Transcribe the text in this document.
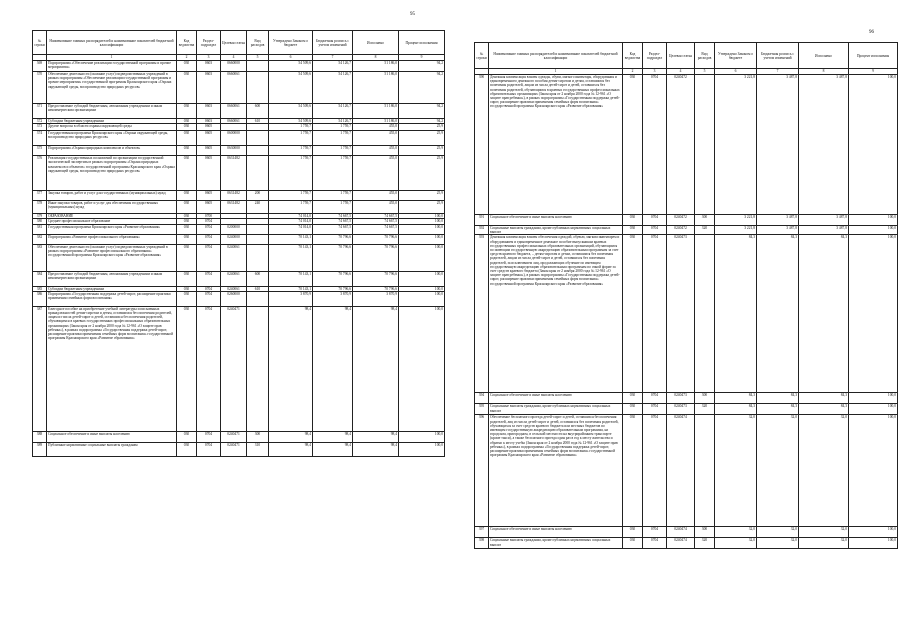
95
№ строки	Наименование главных распорядителей и наименование показателей бюджетной классификации	Код ведомства	Раздел-подраздел	Целевая статья	Вид расходов	Утверждено Законом о бюджете	Бюджетная роспись с учетом изменений	Исполнено	Процент исполнения
	1	2	3	4	5	6	7	8	9
369	Подпрограмма «Обеспечение реализации государственной программы и прочие мероприятия»	030	0603	0660000		54 509,6	54 126,7	51 186,0	94,2
370	Обеспечение деятельности (оказание услуг) подведомственных учреждений в рамках подпрограммы «Обеспечение реализации государственной программы и прочие мероприятия» государственной программы Красноярского края «Охрана окружающей среды, воспроизводство природных ресурсов»	030	0603	0660061		54 509,6	54 126,7	51 186,0	94,2
371	Предоставление субсидий бюджетным, автономным учреждениям и иным некоммерческим организациям	030	0603	0660061	600	54 509,6	54 126,7	51 186,0	94,2
372	Субсидии бюджетным учреждениям	030	0603	0660061	610	54 509,6	54 126,7	51 186,0	94,2
373	Другие вопросы в области охраны окружающей среды	030	0605			1 759,7	1 759,7	455,0	25,9
374	Государственная программа Красноярского края «Охрана окружающей среды, воспроизводство природных ресурсов»	030	0605	0600000		1 759,7	1 759,7	455,0	25,9
375	Подпрограмма «Охрана природных комплексов и объектов»	030	0605	0630000		1 759,7	1 759,7	455,0	25,9
376	Реализация государственных полномочий по организации государственной экологической экспертизы в рамках подпрограммы «Охрана природных комплексов и объектов» государственной программы Красноярского края «Охрана окружающей среды, воспроизводство природных ресурсов»	030	0605	0631482		1 759,7	1 759,7	455,0	25,9
377	Закупка товаров, работ и услуг для государственных (муниципальных) нужд	030	0605	0631482	200	1 759,7	1 759,7	455,0	25,9
378	Иные закупки товаров, работ и услуг для обеспечения государственных (муниципальных) нужд	030	0605	0631482	240	1 759,7	1 759,7	455,0	25,9
379	ОБРАЗОВАНИЕ	030	0700			74 014,0	74 667,5	74 667,5	100,0
380	Среднее профессиональное образование	030	0704			74 014,0	74 667,5	74 667,5	100,0
381	Государственная программа Красноярского края «Развитие образования»	030	0704	0200000		74 014,0	74 667,5	74 667,5	100,0
382	Подпрограмма «Развитие профессионального образования»	030	0704	0240000		70 143,1	70 796,6	70 796,6	100,0
383	Обеспечение деятельности (оказание услуг) подведомственных учреждений в рамках подпрограммы «Развитие профессионального образования» государственной программы Красноярского края «Развитие образования»	030	0704	0240061		70 143,1	70 796,6	70 796,6	100,0
384	Предоставление субсидий бюджетным, автономным учреждениям и иным некоммерческим организациям	030	0704	0240061	600	70 143,1	70 796,6	70 796,6	100,0
385	Субсидии бюджетным учреждениям	030	0704	0240061	610	70 143,1	70 796,6	70 796,6	100,0
386	Подпрограмма «Государственная поддержка детей-сирот, расширение практики применения семейных форм воспитания»	030	0704	0260000		3 870,9	3 870,9	3 870,9	100,0
387	Ежегодное пособие на приобретение учебной литературы и письменных принадлежностей детям-сиротам и детям, оставшимся без попечения родителей, лицам из числа детей-сирот и детей, оставшихся без попечения родителей, обучающимся в краевых государственных профессиональных образовательных организациях (Закон края от 2 ноября 2000 года № 12-961 «О защите прав ребенка»), в рамках подпрограммы «Государственная поддержка детей-сирот, расширение практики применения семейных форм воспитания» государственной программы Красноярского края «Развитие образования»	030	0704	0240471		98,4	98,4	98,4	100,0
388	Социальное обеспечение и иные выплаты населению	030	0704	0240471	300	98,4	98,4	98,4	100,0
389	Публичные нормативные социальные выплаты гражданам	030	0704	0240471	310	98,4	98,4	98,4	100,0
96
№ строки	Наименование главных распорядителей и наименование показателей бюджетной классификации	Код ведомства	Раздел-подраздел	Целевая статья	Вид расходов	Утверждено Законом о бюджете	Бюджетная роспись с учетом изменений	Исполнено	Процент исполнения
	1	2	3	4	5	6	7	8	9
390	Денежная компенсация взамен одежды, обуви, мягкого инвентаря, оборудования и единовременного денежного пособия детям-сиротам и детям, оставшимся без попечения родителей, лицам из числа детей-сирот и детей, оставшихся без попечения родителей, обучающимся в краевых государственных профессиональных образовательных организациях (Закон края от 2 ноября 2000 года № 12-961 «О защите прав ребенка»), в рамках подпрограммы «Государственная поддержка детей-сирот, расширение практики применения семейных форм воспитания» государственной программы Красноярского края «Развитие образования»	030	0704	0240472		3 221,8	3 487,8	3 487,8	100,0
391	Социальное обеспечение и иные выплаты населению	030	0704	0240472	300	3 221,8	3 487,8	3 487,8	100,0
392	Социальные выплаты гражданам, кроме публичных нормативных социальных выплат	030	0704	0240472	320	3 221,8	3 487,8	3 487,8	100,0
393	Денежная компенсация взамен обеспечения одеждой, обувью, мягким инвентарем и оборудованием и единовременное денежное пособие выпускникам краевых государственных профессиональных образовательных организаций, обучающимся по имеющим государственную аккредитацию образовательным программам за счет средств краевого бюджета, – детям-сиротам и детям, оставшимся без попечения родителей, лицам из числа детей-сирот и детей, оставшихся без попечения родителей, за исключением лиц, продолжающих обучение по имеющим государственную аккредитацию образовательным программам по очной форме за счет средств краевого бюджета (Закон края от 2 ноября 2000 года № 12-961 «О защите прав ребенка»), в рамках подпрограммы «Государственная поддержка детей-сирот, расширение практики применения семейных форм воспитания» государственной программы Красноярского края «Развитие образования»	030	0704	0240473		84,3	84,3	84,3	100,0
394	Социальное обеспечение и иные выплаты населению	030	0704	0240473	300	84,3	84,3	84,3	100,0
395	Социальные выплаты гражданам, кроме публичных нормативных социальных выплат	030	0704	0240473	320	84,3	84,3	84,3	100,0
396	Обеспечение бесплатного проезда детей-сирот и детей, оставшихся без попечения родителей, лиц из числа детей-сирот и детей, оставшихся без попечения родителей, обучающихся за счет средств краевого бюджета или местных бюджетов по имеющим государственную аккредитацию образовательным программам, на городском, пригородном, в сельской местности на внутрирайонном транспорте (кроме такси), а также бесплатного проезда один раз в год к месту жительства и обратно к месту учебы (Закон края от 2 ноября 2000 года № 12-961 «О защите прав ребенка»), в рамках подпрограммы «Государственная поддержка детей-сирот, расширение практики применения семейных форм воспитания» государственной программы Красноярского края «Развитие образования»	030	0704	0240474		32,0	32,0	32,0	100,0
397	Социальное обеспечение и иные выплаты населению	030	0704	0240474	300	32,0	32,0	32,0	100,0
398	Социальные выплаты гражданам, кроме публичных нормативных социальных выплат	030	0704	0240474	320	32,0	32,0	32,0	100,0
